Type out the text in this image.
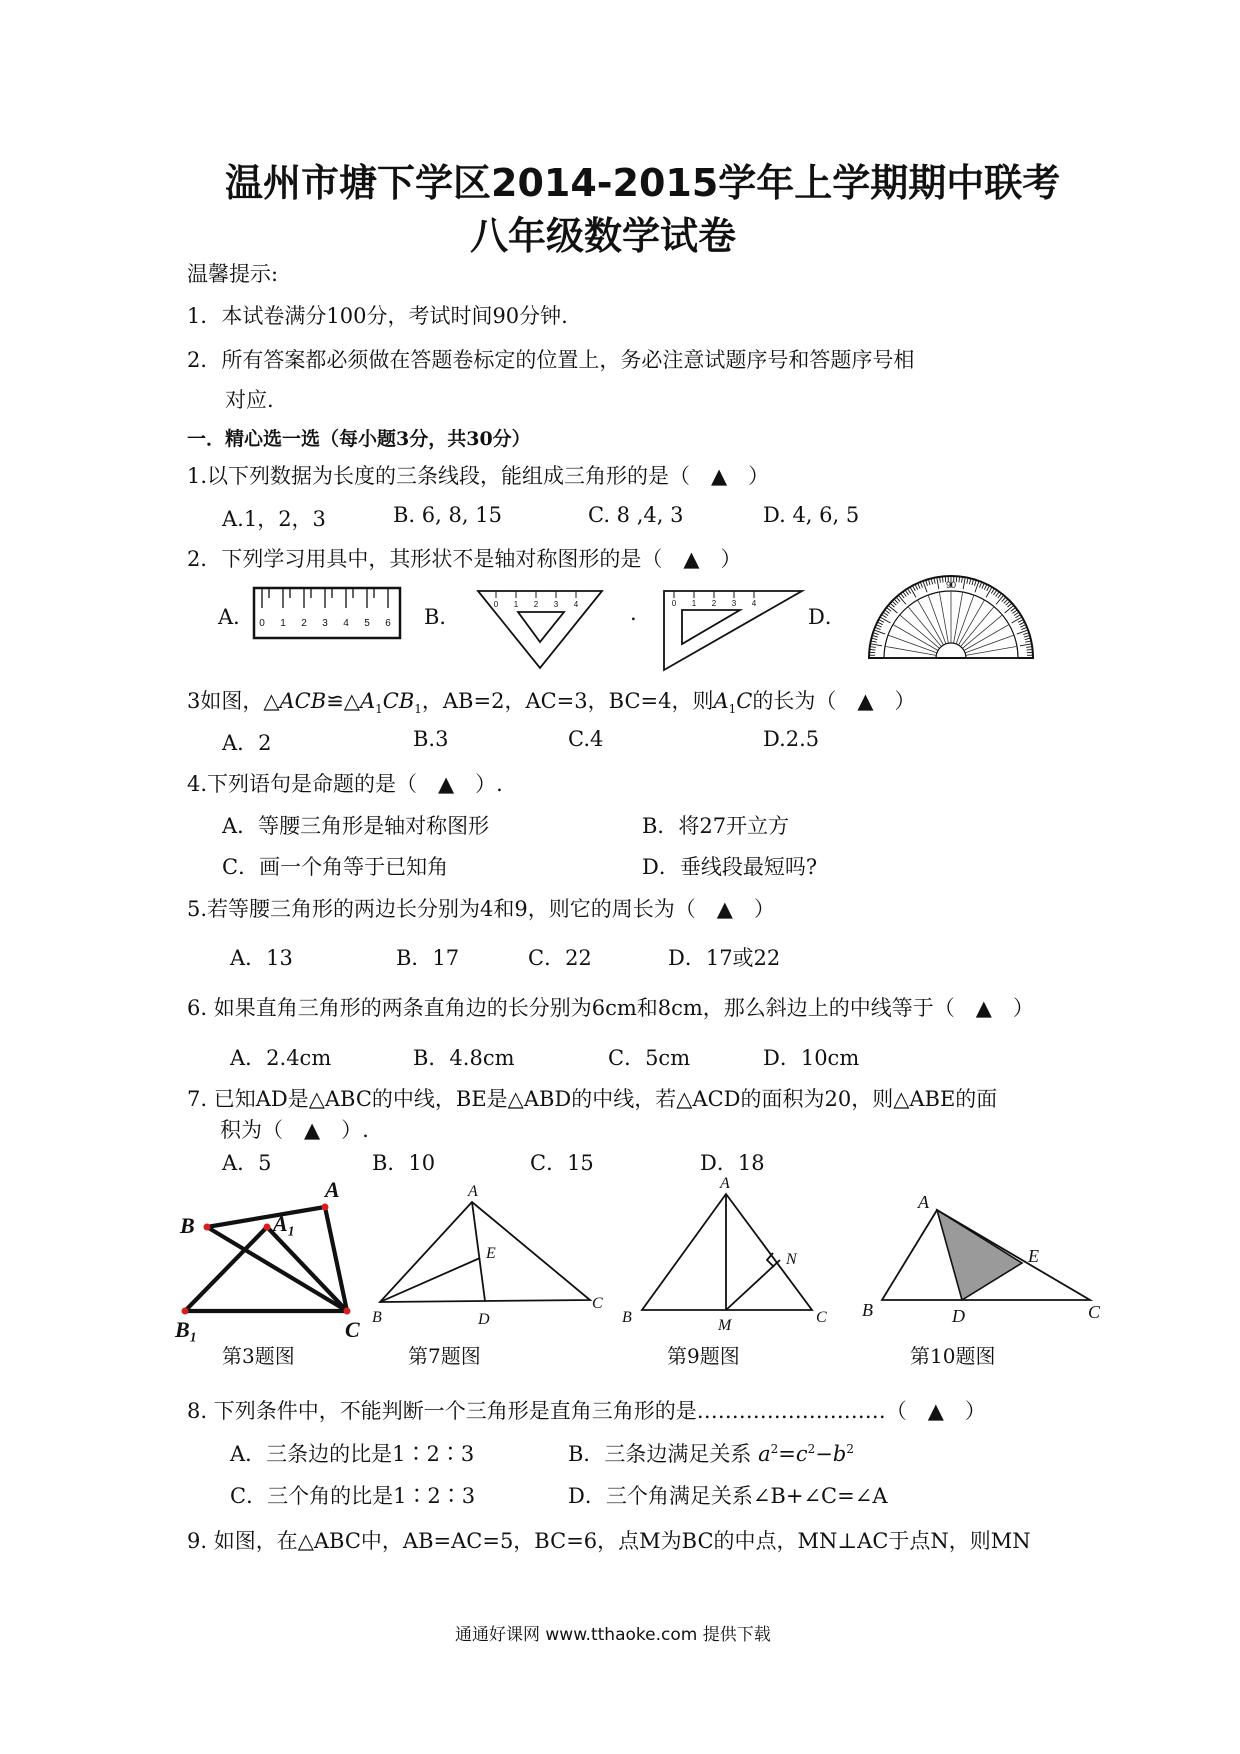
温州市塘下学区2014-2015学年上学期期中联考
八年级数学试卷
温馨提示:
1．本试卷满分100分，考试时间90分钟.
2．所有答案都必须做在答题卷标定的位置上，务必注意试题序号和答题序号相
对应.
一．精心选一选（每小题3分，共30分）
1.以下列数据为长度的三条线段，能组成三角形的是（　▲　）
A.1，2，3	B. 6, 8, 15	C. 8 ,4, 3	D. 4, 6, 5
2．下列学习用具中，其形状不是轴对称图形的是（　▲　）
A．	B．	.	D．
0 1 2 3 4 5 6
0 1 2 3 4	0 1 2 3 4
90
3如图，$\triangle ACB≌\triangle A_1CB_1$，AB=2，AC=3，BC=4，则$A_1C$的长为（　▲　）
A．2	B.3	C.4	D.2.5
4.下列语句是命题的是（　▲　）.
A．等腰三角形是轴对称图形	B．将27开立方
C．画一个角等于已知角	D．垂线段最短吗?
5.若等腰三角形的两边长分别为4和9，则它的周长为（　▲　）
A．13	B．17	C．22	D．17或22
6. 如果直角三角形的两条直角边的长分别为6cm和8cm，那么斜边上的中线等于（　▲　）
A．2.4cm	B．4.8cm	C．5cm	D．10cm
7. 已知AD是△ABC的中线，BE是△ABD的中线，若△ACD的面积为20，则△ABE的面
积为（　▲　）.
A．5	B．10	C．15	D．18
A
A₁
B
B₁	C
第3题图
A
E
B	D
C
第7题图
A
N
B	M	C
第9题图
A
E
B	D	C
第10题图
8. 下列条件中，不能判断一个三角形是直角三角形的是………………………（　▲　）
A．三条边的比是1∶2∶3	B．三条边满足关系 $a^2=c^2-b^2$
C．三个角的比是1∶2∶3	D．三个角满足关系∠B+∠C=∠A
9. 如图，在△ABC中，AB=AC=5，BC=6，点M为BC的中点，MN⊥AC于点N，则MN
通通好课网 www.tthaoke.com 提供下载
